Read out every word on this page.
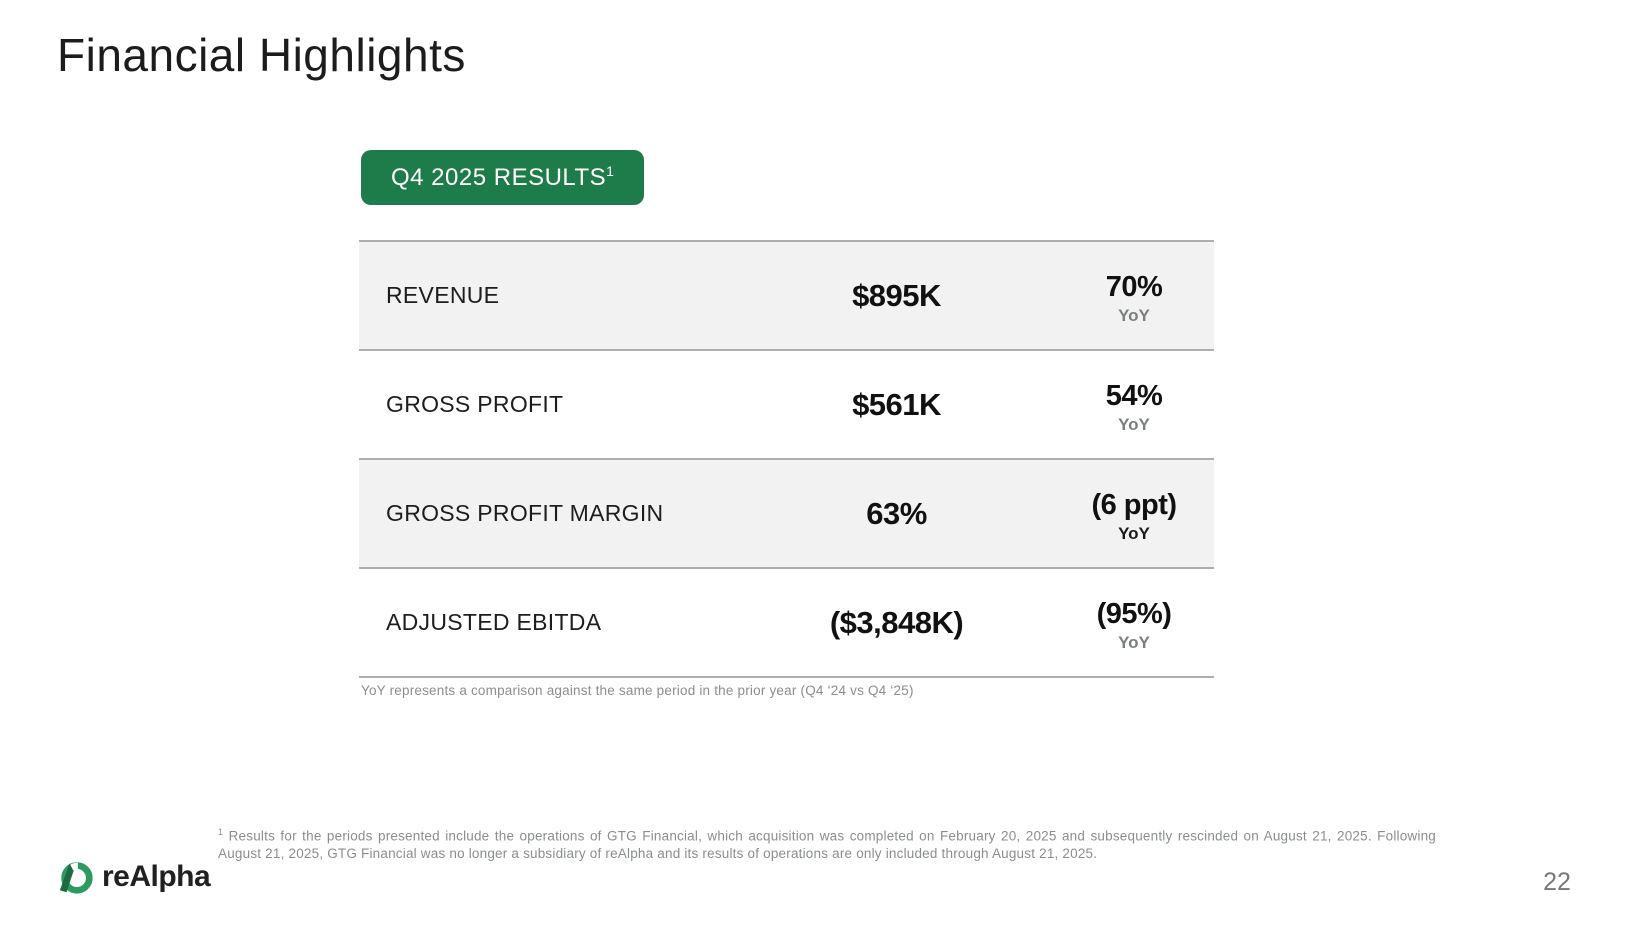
Financial Highlights
Q4 2025 RESULTS$^1$
REVENUE	$895K	70%
YoY
GROSS PROFIT	$561K	54%
YoY
GROSS PROFIT MARGIN	63%	(6 ppt)
YoY
ADJUSTED EBITDA	($3,848K)	(95%)
YoY
YoY represents a comparison against the same period in the prior year (Q4 ‘24 vs Q4 ‘25)
reAlpha
$^1$ Results for the periods presented include the operations of GTG Financial, which acquisition was completed on February 20, 2025 and subsequently rescinded on August 21, 2025. Following August 21, 2025, GTG Financial was no longer a subsidiary of reAlpha and its results of operations are only included through August 21, 2025.
22
